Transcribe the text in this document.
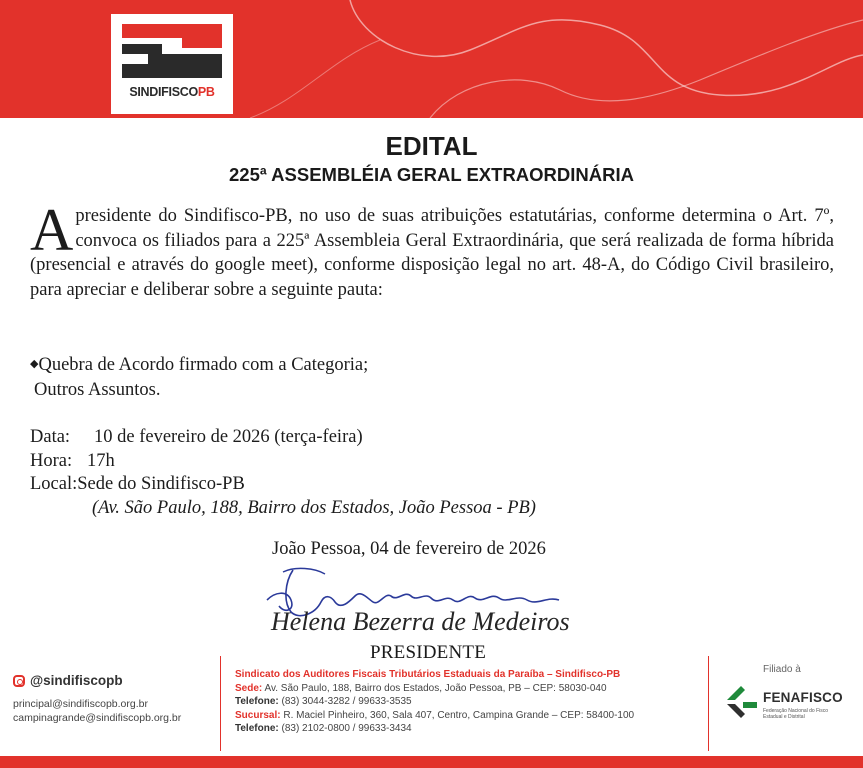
SINDIFISCOPB
EDITAL
225ª ASSEMBLÉIA GERAL EXTRAORDINÁRIA
Apresidente do Sindifisco-PB, no uso de suas atribuições estatutárias, conforme determina o Art. 7º, convoca os filiados para a 225ª Assembleia Geral Extraordinária, que será realizada de forma híbrida (presencial e através do google meet), conforme disposição legal no art. 48-A, do Código Civil brasileiro, para apreciar e deliberar sobre a seguinte pauta:
◆Quebra de Acordo firmado com a Categoria;
Outros Assuntos.
Data: 10 de fevereiro de 2026 (terça-feira)
Hora: 17h
Local:Sede do Sindifisco-PB
(Av. São Paulo, 188, Bairro dos Estados, João Pessoa - PB)
João Pessoa, 04 de fevereiro de 2026
Helena Bezerra de Medeiros
PRESIDENTE
@sindifiscopb
principal@sindifiscopb.org.br
campinagrande@sindifiscopb.org.br
Sindicato dos Auditores Fiscais Tributários Estaduais da Paraíba – Sindifisco-PB
Sede: Av. São Paulo, 188, Bairro dos Estados, João Pessoa, PB – CEP: 58030-040
Telefone: (83) 3044-3282 / 99633-3535
Sucursal: R. Maciel Pinheiro, 360, Sala 407, Centro, Campina Grande – CEP: 58400-100
Telefone: (83) 2102-0800 / 99633-3434
Filiado à
FENAFISCO
Federação Nacional do Fisco Estadual e Distrital
